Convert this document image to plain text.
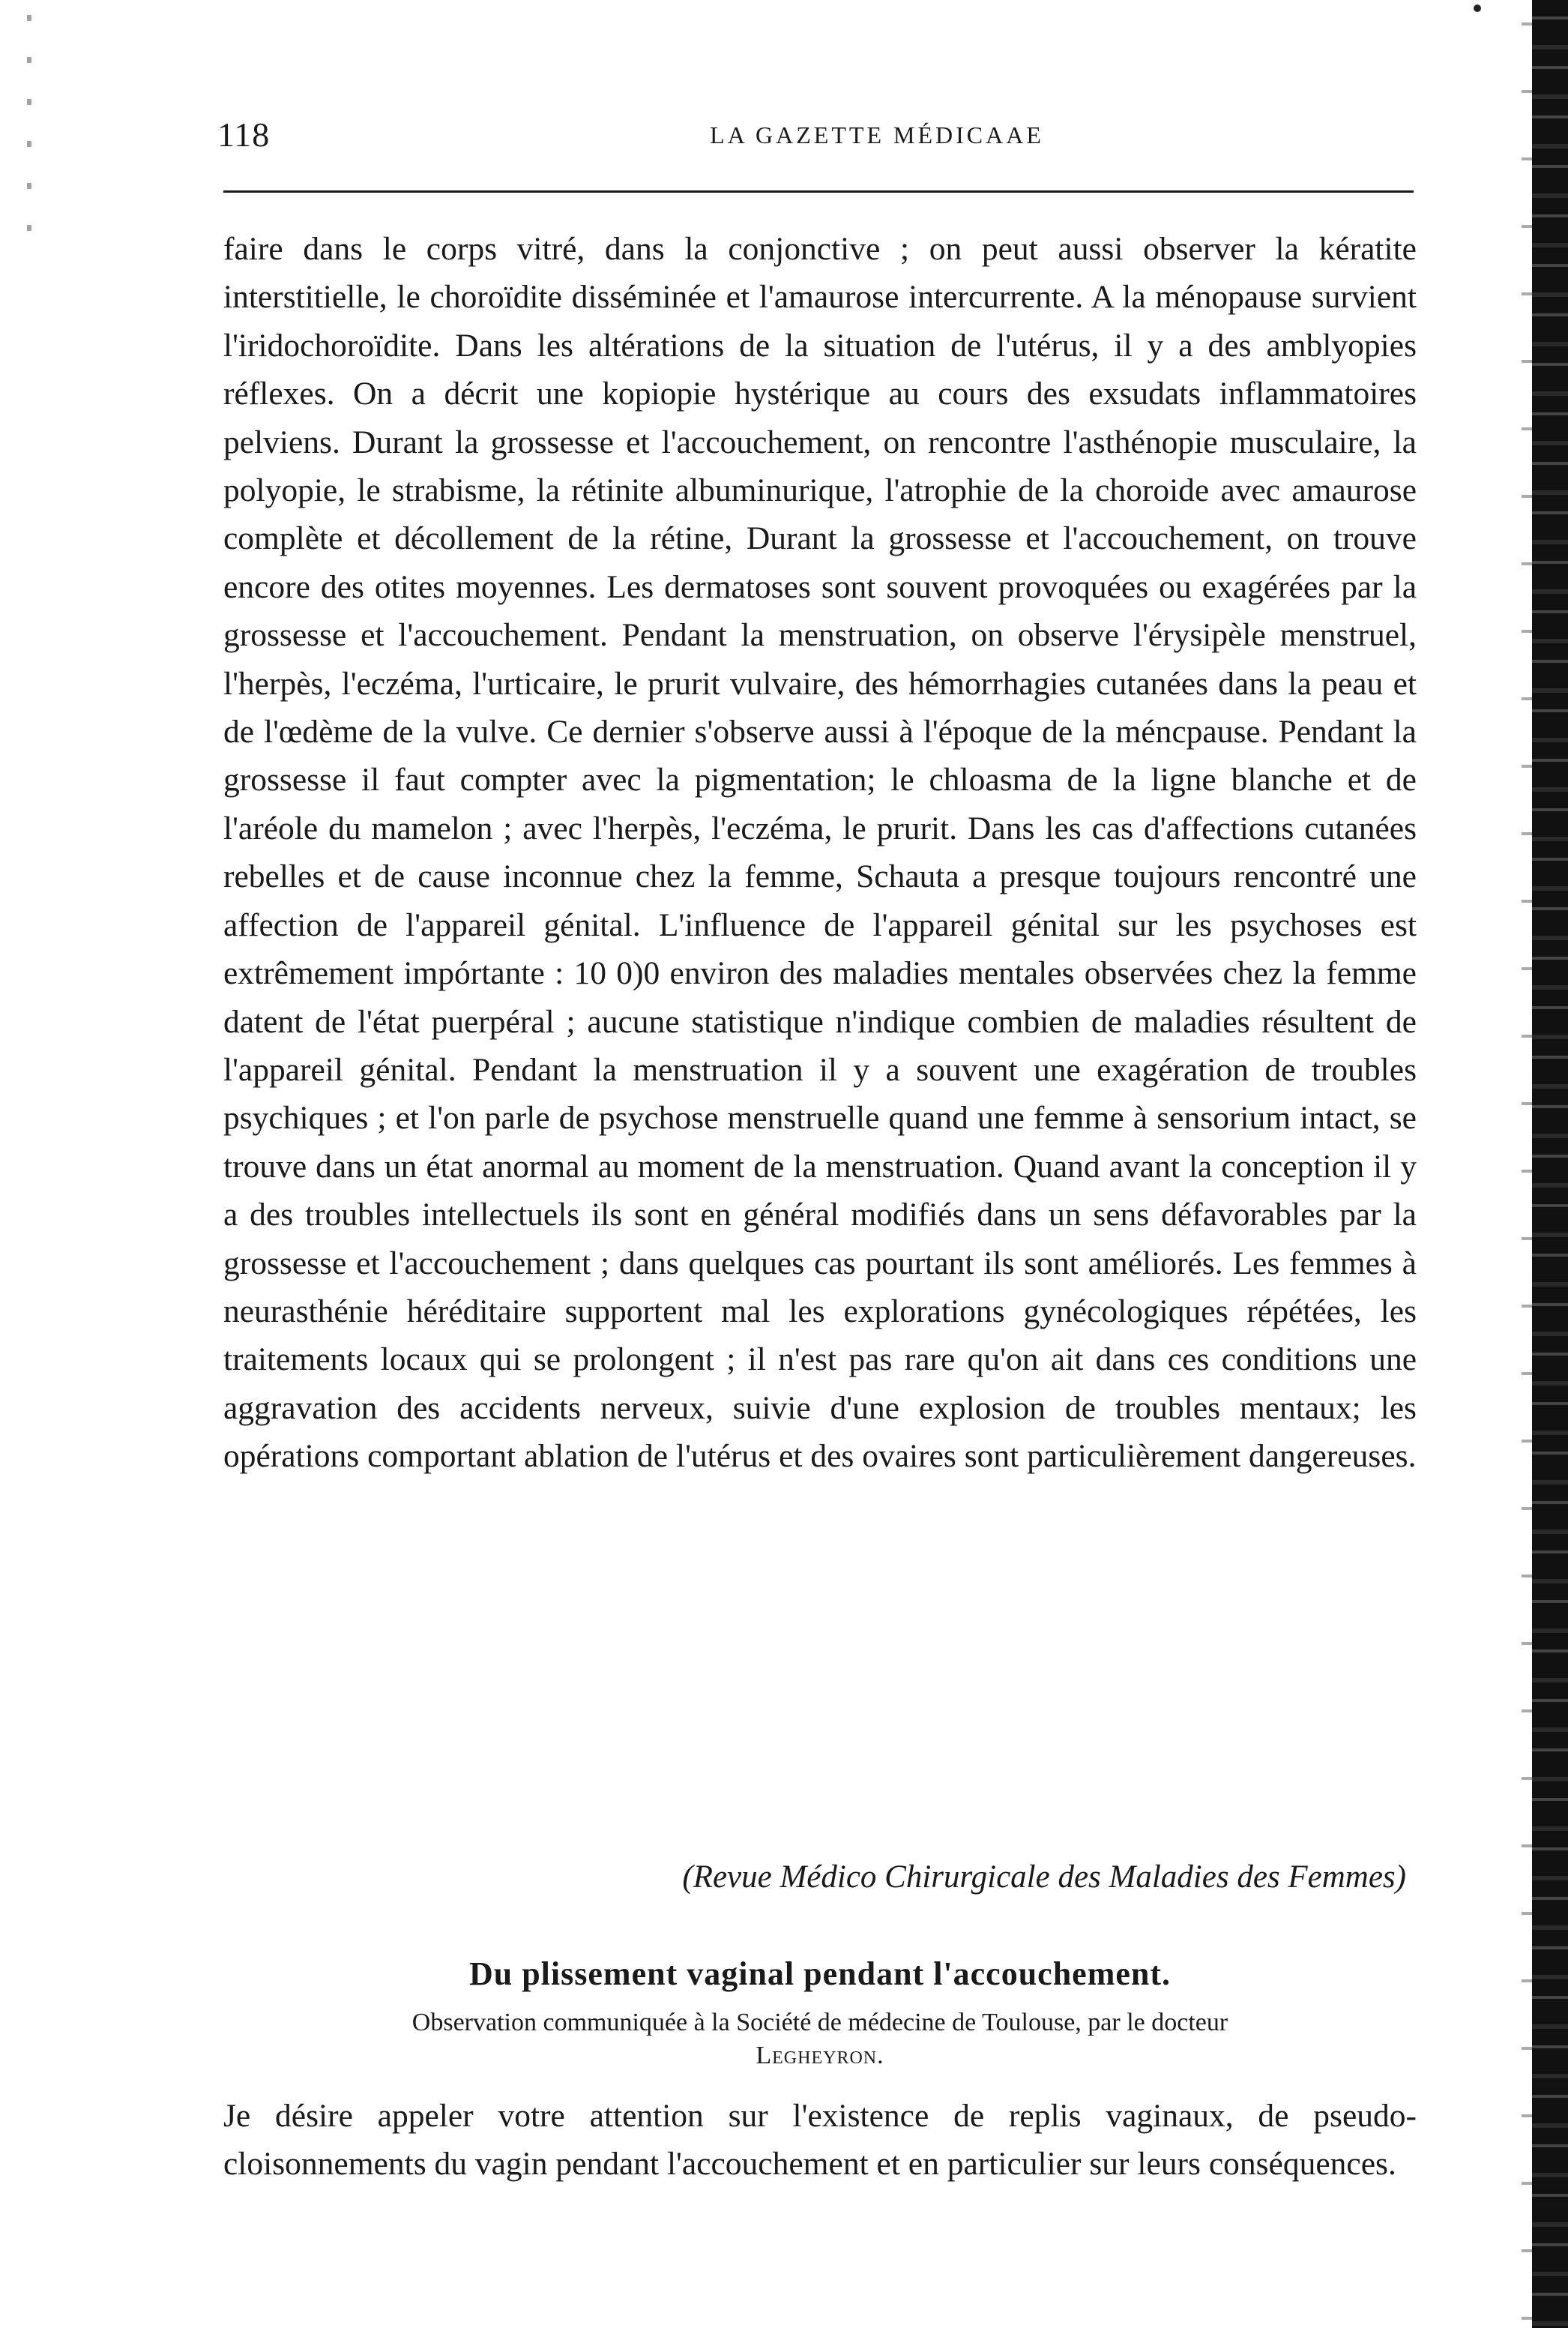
118	LA GAZETTE MÉDICAAE

faire dans le corps vitré, dans la conjonctive ; on peut aussi observer la kératite interstitielle, le choroïdite disséminée et l'amaurose intercurrente. A la ménopause survient l'iridochoroïdite. Dans les altérations de la situation de l'utérus, il y a des amblyopies réflexes. On a décrit une kopiopie hystérique au cours des exsudats inflammatoires pelviens. Durant la grossesse et l'accouchement, on rencontre l'asthénopie musculaire, la polyopie, le strabisme, la rétinite albuminurique, l'atrophie de la choroide avec amaurose complète et décollement de la rétine, Durant la grossesse et l'accouchement, on trouve encore des otites moyennes. Les dermatoses sont souvent provoquées ou exagérées par la grossesse et l'accouchement. Pendant la menstruation, on observe l'érysipèle menstruel, l'herpès, l'eczéma, l'urticaire, le prurit vulvaire, des hémorrhagies cutanées dans la peau et de l'œdème de la vulve. Ce dernier s'observe aussi à l'époque de la méncpause. Pendant la grossesse il faut compter avec la pigmentation; le chloasma de la ligne blanche et de l'aréole du mamelon ; avec l'herpès, l'eczéma, le prurit. Dans les cas d'affections cutanées rebelles et de cause inconnue chez la femme, Schauta a presque toujours rencontré une affection de l'appareil génital. L'influence de l'appareil génital sur les psychoses est extrêmement impórtante : 10 0)0 environ des maladies mentales observées chez la femme datent de l'état puerpéral ; aucune statistique n'indique combien de maladies résultent de l'appareil génital. Pendant la menstruation il y a souvent une exagération de troubles psychiques ; et l'on parle de psychose menstruelle quand une femme à sensorium intact, se trouve dans un état anormal au moment de la menstruation. Quand avant la conception il y a des troubles intellectuels ils sont en général modifiés dans un sens défavorables par la grossesse et l'accouchement ; dans quelques cas pourtant ils sont améliorés. Les femmes à neurasthénie héréditaire supportent mal les explorations gynécologiques répétées, les traitements locaux qui se prolongent ; il n'est pas rare qu'on ait dans ces conditions une aggravation des accidents nerveux, suivie d'une explosion de troubles mentaux; les opérations comportant ablation de l'utérus et des ovaires sont particulièrement dangereuses.

(Revue Médico Chirurgicale des Maladies des Femmes)
Du plissement vaginal pendant l'accouchement.
Observation communiquée à la Société de médecine de Toulouse, par le docteur
Legheyron.

Je désire appeler votre attention sur l'existence de replis vaginaux, de pseudo- cloisonnements du vagin pendant l'accouchement et en particulier sur leurs conséquences.
